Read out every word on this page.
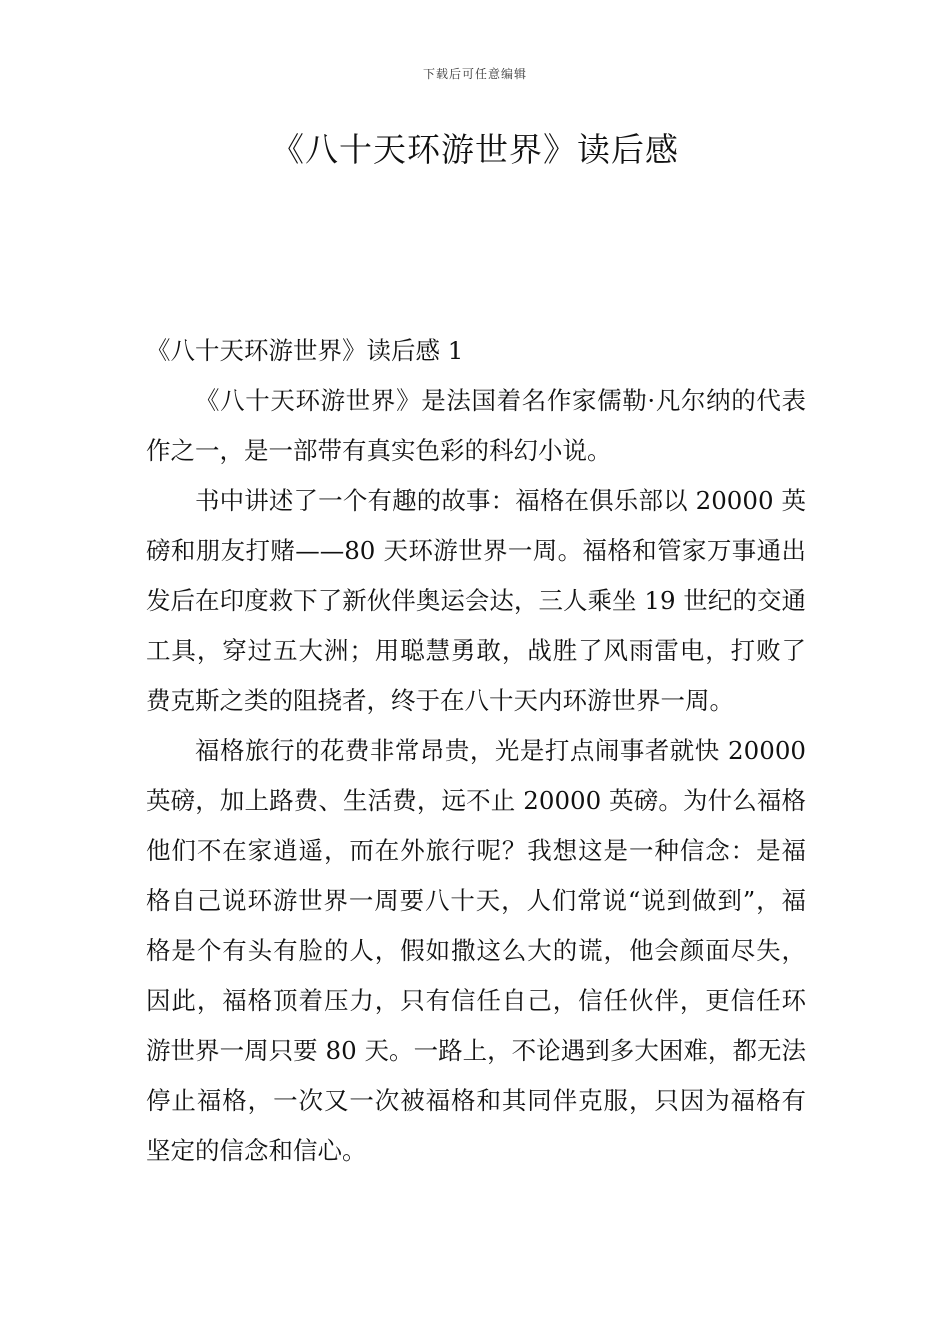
下载后可任意编辑
《八十天环游世界》读后感
《八十天环游世界》读后感 1

《八十天环游世界》是法国着名作家儒勒·凡尔纳的代表作之一，是一部带有真实色彩的科幻小说。

书中讲述了一个有趣的故事：福格在俱乐部以 20000 英磅和朋友打赌——80 天环游世界一周。福格和管家万事通出发后在印度救下了新伙伴奥运会达，三人乘坐 19 世纪的交通工具，穿过五大洲；用聪慧勇敢，战胜了风雨雷电，打败了费克斯之类的阻挠者，终于在八十天内环游世界一周。

福格旅行的花费非常昂贵，光是打点闹事者就快 20000 英磅，加上路费、生活费，远不止 20000 英磅。为什么福格他们不在家逍遥，而在外旅行呢？我想这是一种信念：是福格自己说环游世界一周要八十天，人们常说“说到做到”，福格是个有头有脸的人，假如撒这么大的谎，他会颜面尽失，因此，福格顶着压力，只有信任自己，信任伙伴，更信任环游世界一周只要 80 天。一路上，不论遇到多大困难，都无法停止福格，一次又一次被福格和其同伴克服，只因为福格有坚定的信念和信心。
